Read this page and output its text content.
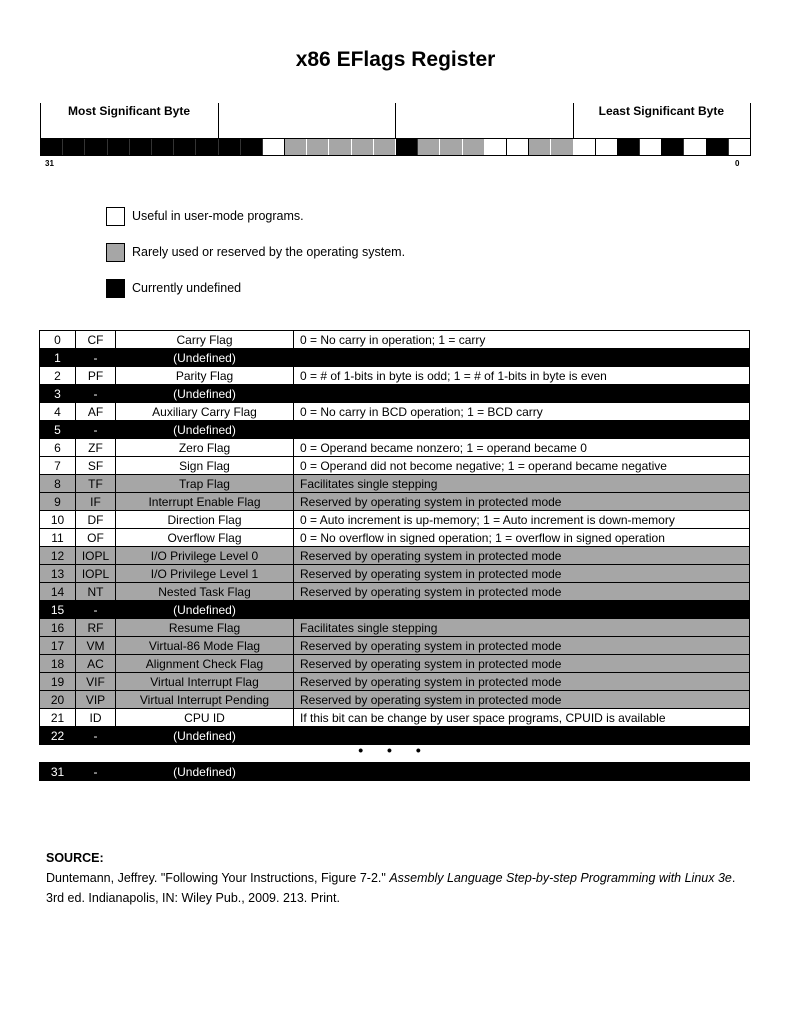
x86 EFlags Register
Most Significant Byte	Least Significant Byte
31	0
Useful in user-mode programs.
Rarely used or reserved by the operating system.
Currently undefined
0	CF	Carry Flag	0 = No carry in operation; 1 = carry
1	-	(Undefined)	
2	PF	Parity Flag	0 = # of 1-bits in byte is odd; 1 = # of 1-bits in byte is even
3	-	(Undefined)	
4	AF	Auxiliary Carry Flag	0 = No carry in BCD operation; 1 = BCD carry
5	-	(Undefined)	
6	ZF	Zero Flag	0 = Operand became nonzero; 1 = operand became 0
7	SF	Sign Flag	0 = Operand did not become negative; 1 = operand became negative
8	TF	Trap Flag	Facilitates single stepping
9	IF	Interrupt Enable Flag	Reserved by operating system in protected mode
10	DF	Direction Flag	0 = Auto increment is up-memory; 1 = Auto increment is down-memory
11	OF	Overflow Flag	0 = No overflow in signed operation; 1 = overflow in signed operation
12	IOPL	I/O Privilege Level 0	Reserved by operating system in protected mode
13	IOPL	I/O Privilege Level 1	Reserved by operating system in protected mode
14	NT	Nested Task Flag	Reserved by operating system in protected mode
15	-	(Undefined)	
16	RF	Resume Flag	Facilitates single stepping
17	VM	Virtual-86 Mode Flag	Reserved by operating system in protected mode
18	AC	Alignment Check Flag	Reserved by operating system in protected mode
19	VIF	Virtual Interrupt Flag	Reserved by operating system in protected mode
20	VIP	Virtual Interrupt Pending	Reserved by operating system in protected mode
21	ID	CPU ID	If this bit can be change by user space programs, CPUID is available
22	-	(Undefined)	
• • •
31	-	(Undefined)	
SOURCE:
Duntemann, Jeffrey. "Following Your Instructions, Figure 7-2." Assembly Language Step-by-step Programming with Linux 3e. 3rd ed. Indianapolis, IN: Wiley Pub., 2009. 213. Print.
